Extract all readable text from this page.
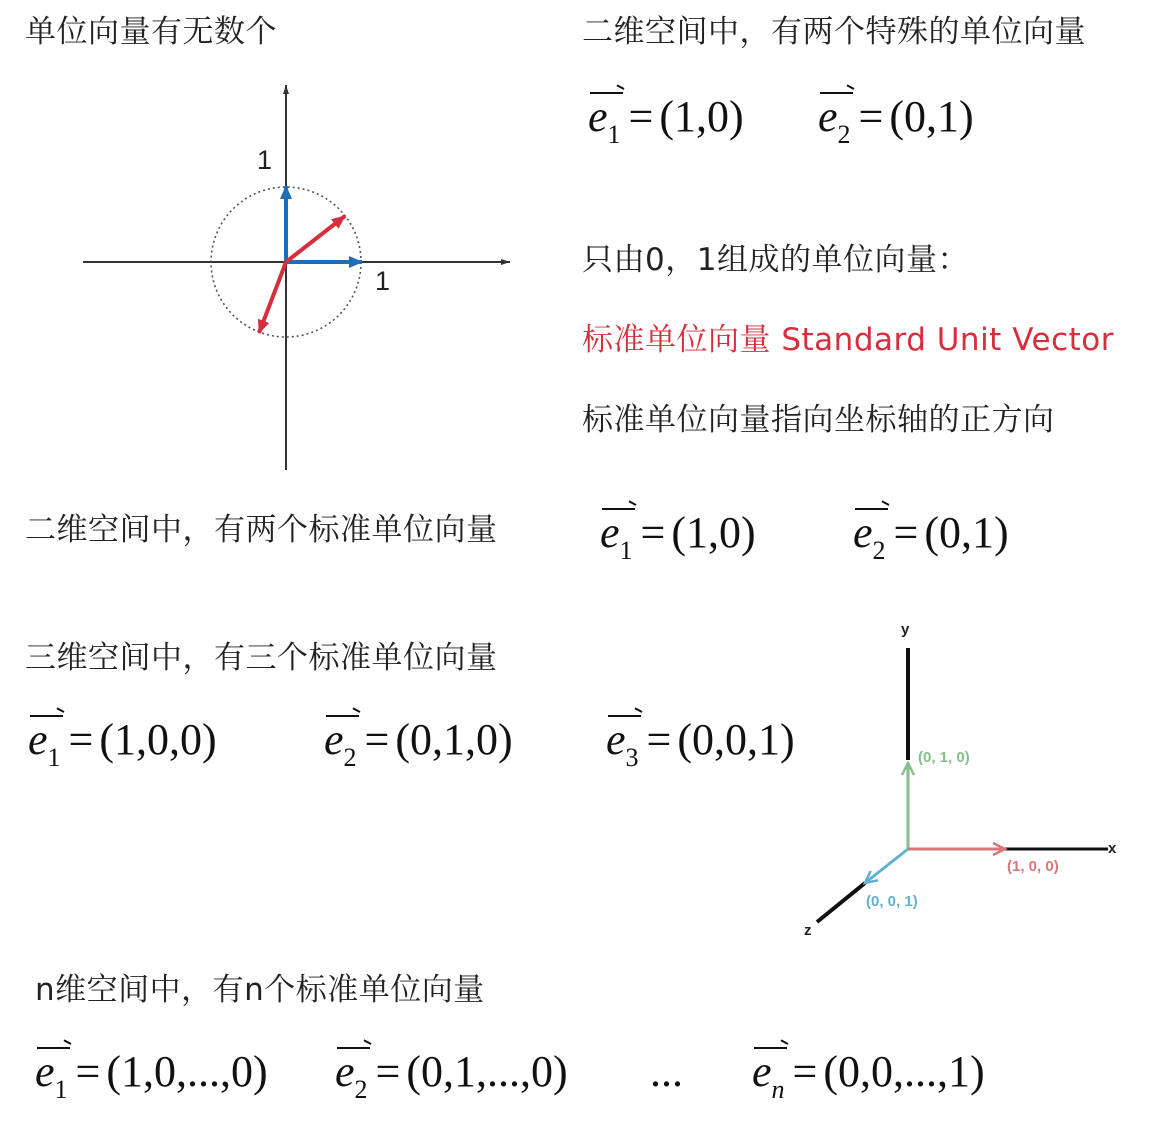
单位向量有无数个	二维空间中，有两个特殊的单位向量
只由0，1组成的单位向量：
标准单位向量 Standard Unit Vector
标准单位向量指向坐标轴的正方向
二维空间中，有两个标准单位向量
三维空间中，有三个标准单位向量
n维空间中，有n个标准单位向量
$e_1 = (1,0) e_2 = (0,1)$
$e_1 = (1,0) e_2 = (0,1)$
$e_1 = (1,0,0) e_2 = (0,1,0) e_3 = (0,0,1)$
$e_1 = (1,0,...,0) e_2 = (0,1,...,0)$ ... $e_n = (0,0,...,1)$
1
1
y
x
z
(0, 1, 0)
(1, 0, 0)
(0, 0, 1)
